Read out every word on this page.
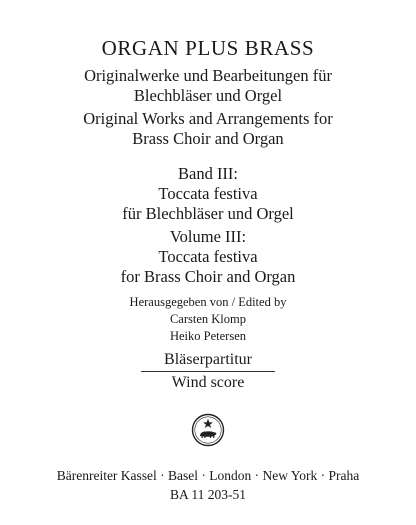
ORGAN PLUS BRASS
Originalwerke und Bearbeitungen für
Blechbläser und Orgel
Original Works and Arrangements for
Brass Choir and Organ
Band III:
Toccata festiva
für Blechbläser und Orgel
Volume III:
Toccata festiva
for Brass Choir and Organ
Herausgegeben von / Edited by
Carsten Klomp
Heiko Petersen
Bläserpartitur
Wind score
Bärenreiter Kassel · Basel · London · New York · Praha
BA 11 203-51
